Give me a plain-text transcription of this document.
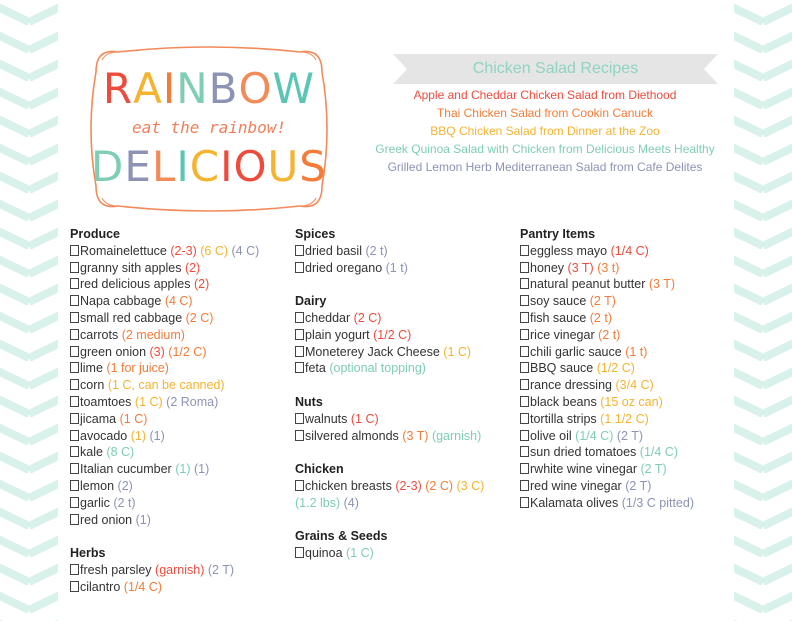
RAINBOW

eat the rainbow!

DELICIOUS

Chicken Salad Recipes
Apple and Cheddar Chicken Salad from Diethood
Thai Chicken Salad from Cookin Canuck
BBQ Chicken Salad from Dinner at the Zoo
Greek Quinoa Salad with Chicken from Delicious Meets Healthy
Grilled Lemon Herb Mediterranean Salad from Cafe Delites
Produce
Romainelettuce (2-3) (6 C) (4 C)
granny sith apples (2)
red delicious apples (2)
Napa cabbage (4 C)
small red cabbage (2 C)
carrots (2 medium)
green onion (3) (1/2 C)
lime (1 for juice)
corn (1 C, can be canned)
toamtoes (1 C) (2 Roma)
jicama (1 C)
avocado (1) (1)
kale (8 C)
Italian cucumber (1) (1)
lemon (2)
garlic (2 t)
red onion (1)
Herbs
fresh parsley (garnish) (2 T)
cilantro (1/4 C)
Spices
dried basil (2 t)
dried oregano (1 t)
Dairy
cheddar (2 C)
plain yogurt (1/2 C)
Moneterey Jack Cheese (1 C)
feta (optional topping)
Nuts
walnuts (1 C)
silvered almonds (3 T) (garnish)
Chicken
chicken breasts (2-3) (2 C) (3 C)
(1.2 lbs) (4)
Grains & Seeds
quinoa (1 C)
Pantry Items
eggless mayo (1/4 C)
honey (3 T) (3 t)
natural peanut butter (3 T)
soy sauce (2 T)
fish sauce (2 t)
rice vinegar (2 t)
chili garlic sauce (1 t)
BBQ sauce (1/2 C)
rance dressing (3/4 C)
black beans (15 oz can)
tortilla strips (1 1/2 C)
olive oil (1/4 C) (2 T)
sun dried tomatoes (1/4 C)
rwhite wine vinegar (2 T)
red wine vinegar (2 T)
Kalamata olives (1/3 C pitted)
